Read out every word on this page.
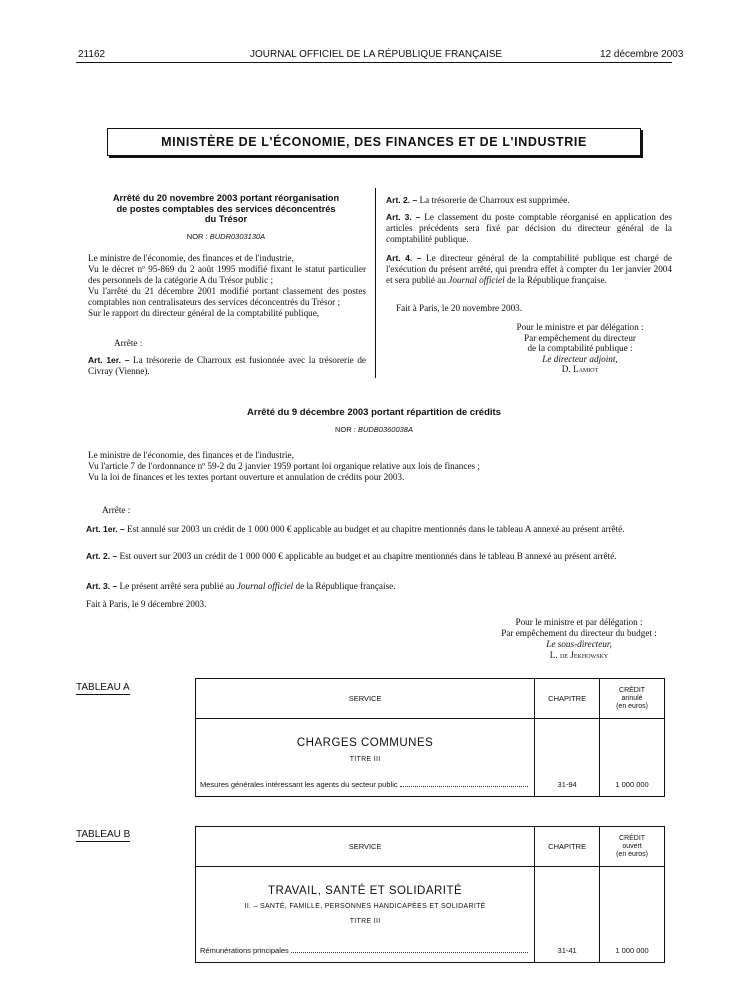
21162	JOURNAL OFFICIEL DE LA RÉPUBLIQUE FRANÇAISE	12 décembre 2003
MINISTÈRE DE L'ÉCONOMIE, DES FINANCES ET DE L'INDUSTRIE
Arrêté du 20 novembre 2003 portant réorganisation
de postes comptables des services déconcentrés
du Trésor
NOR : BUDR0303130A
Le ministre de l'économie, des finances et de l'industrie,
Vu le décret nº 95-869 du 2 août 1995 modifié fixant le statut particulier des personnels de la catégorie A du Trésor public ;
Vu l'arrêté du 21 décembre 2001 modifié portant classement des postes comptables non centralisateurs des services déconcentrés du Trésor ;
Sur le rapport du directeur général de la comptabilité publique,
Arrête :
Art. 1er. – La trésorerie de Charroux est fusionnée avec la trésorerie de Civray (Vienne).
Art. 2. – La trésorerie de Charroux est supprimée.
Art. 3. – Le classement du poste comptable réorganisé en application des articles précédents sera fixé par décision du directeur général de la comptabilité publique.
Art. 4. – Le directeur général de la comptabilité publique est chargé de l'exécution du présent arrêté, qui prendra effet à compter du 1er janvier 2004 et sera publié au Journal officiel de la République française.
Fait à Paris, le 20 novembre 2003.
Pour le ministre et par délégation :
Par empêchement du directeur
de la comptabilité publique :
Le directeur adjoint,
D. Lamiot
Arrêté du 9 décembre 2003 portant répartition de crédits
NOR : BUDB0360038A
Le ministre de l'économie, des finances et de l'industrie,
Vu l'article 7 de l'ordonnance nº 59-2 du 2 janvier 1959 portant loi organique relative aux lois de finances ;
Vu la loi de finances et les textes portant ouverture et annulation de crédits pour 2003.
Arrête :
Art. 1er. – Est annulé sur 2003 un crédit de 1 000 000 € applicable au budget et au chapitre mentionnés dans le tableau A annexé au présent arrêté.
Art. 2. – Est ouvert sur 2003 un crédit de 1 000 000 € applicable au budget et au chapitre mentionnés dans le tableau B annexé au présent arrêté.
Art. 3. – Le présent arrêté sera publié au Journal officiel de la République française.
Fait à Paris, le 9 décembre 2003.
Pour le ministre et par délégation :
Par empêchement du directeur du budget :
Le sous-directeur,
L. de Jekhowsky
TABLEAU A
SERVICE	CHAPITRE	CRÉDIT
annulé
(en euros)

CHARGES COMMUNES
TITRE III
Mesures générales intéressant les agents du secteur public	31-94	1 000 000
TABLEAU B
SERVICE	CHAPITRE	CRÉDIT
ouvert
(en euros)

TRAVAIL, SANTÉ ET SOLIDARITÉ
II. – SANTÉ, FAMILLE, PERSONNES HANDICAPÉES ET SOLIDARITÉ
TITRE III
Rémunérations principales	31-41	1 000 000
